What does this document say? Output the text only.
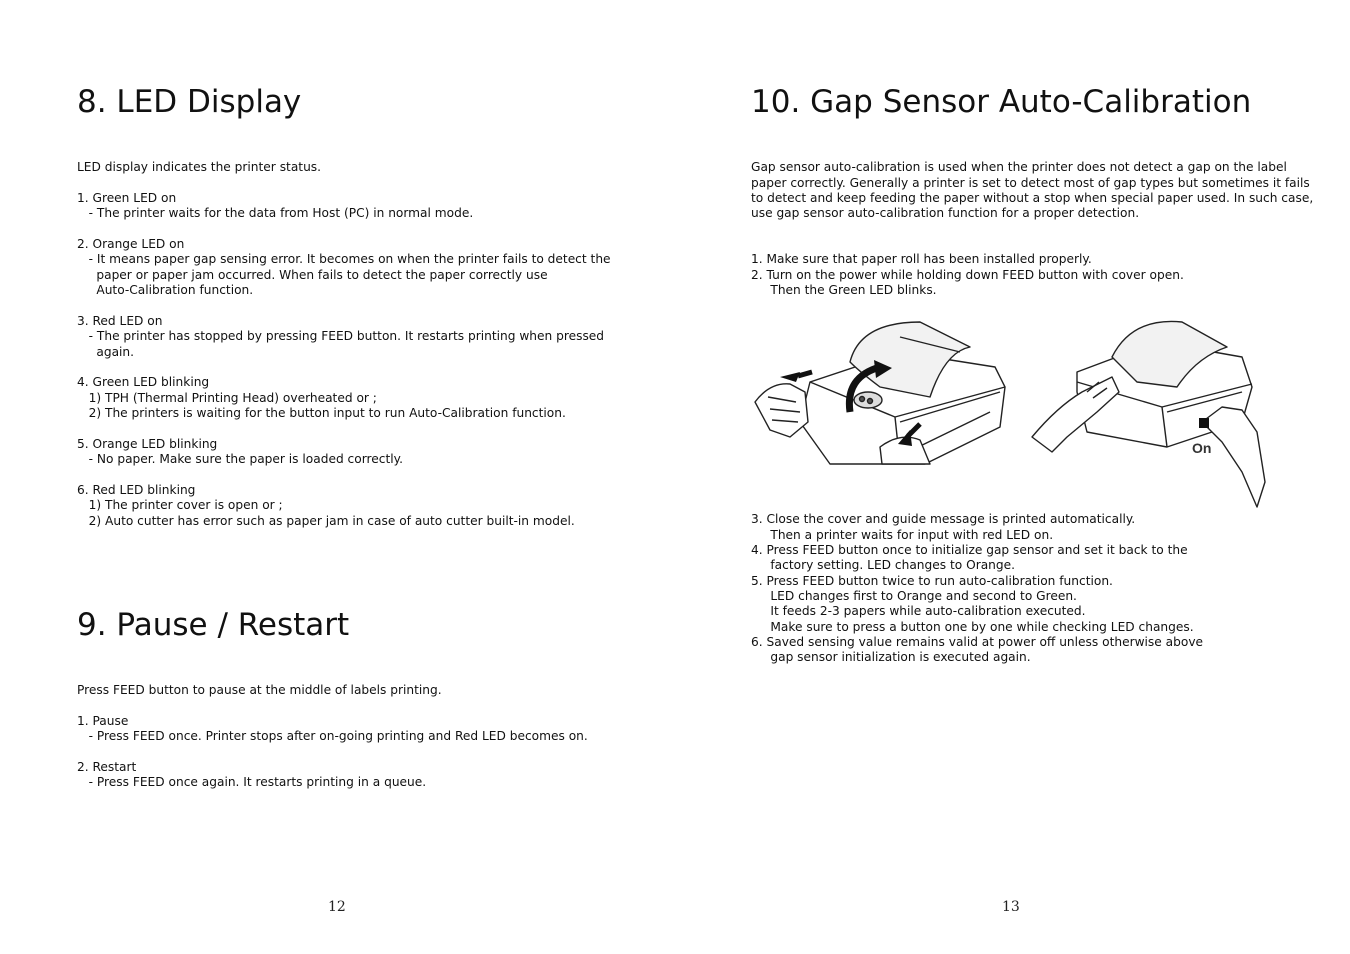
8. LED Display

LED display indicates the printer status.

1. Green LED on

- The printer waits for the data from Host (PC) in normal mode.

2. Orange LED on

- It means paper gap sensing error. It becomes on when the printer fails to detect the

paper or paper jam occurred. When fails to detect the paper correctly use

Auto-Calibration function.

3. Red LED on

- The printer has stopped by pressing FEED button. It restarts printing when pressed

again.

4. Green LED blinking

1) TPH (Thermal Printing Head) overheated or ;

2) The printers is waiting for the button input to run Auto-Calibration function.

5. Orange LED blinking

- No paper. Make sure the paper is loaded correctly.

6. Red LED blinking

1) The printer cover is open or ;

2) Auto cutter has error such as paper jam in case of auto cutter built-in model.

9. Pause / Restart

Press FEED button to pause at the middle of labels printing.

1. Pause

- Press FEED once. Printer stops after on-going printing and Red LED becomes on.

2. Restart

- Press FEED once again. It restarts printing in a queue.

12
10. Gap Sensor Auto-Calibration

Gap sensor auto-calibration is used when the printer does not detect a gap on the label

paper correctly. Generally a printer is set to detect most of gap types but sometimes it fails

to detect and keep feeding the paper without a stop when special paper used. In such case,

use gap sensor auto-calibration function for a proper detection.

1. Make sure that paper roll has been installed properly.

2. Turn on the power while holding down FEED button with cover open.

Then the Green LED blinks.

On

3. Close the cover and guide message is printed automatically.

Then a printer waits for input with red LED on.

4. Press FEED button once to initialize gap sensor and set it back to the

factory setting. LED changes to Orange.

5. Press FEED button twice to run auto-calibration function.

LED changes first to Orange and second to Green.

It feeds 2-3 papers while auto-calibration executed.

Make sure to press a button one by one while checking LED changes.

6. Saved sensing value remains valid at power off unless otherwise above

gap sensor initialization is executed again.

13
